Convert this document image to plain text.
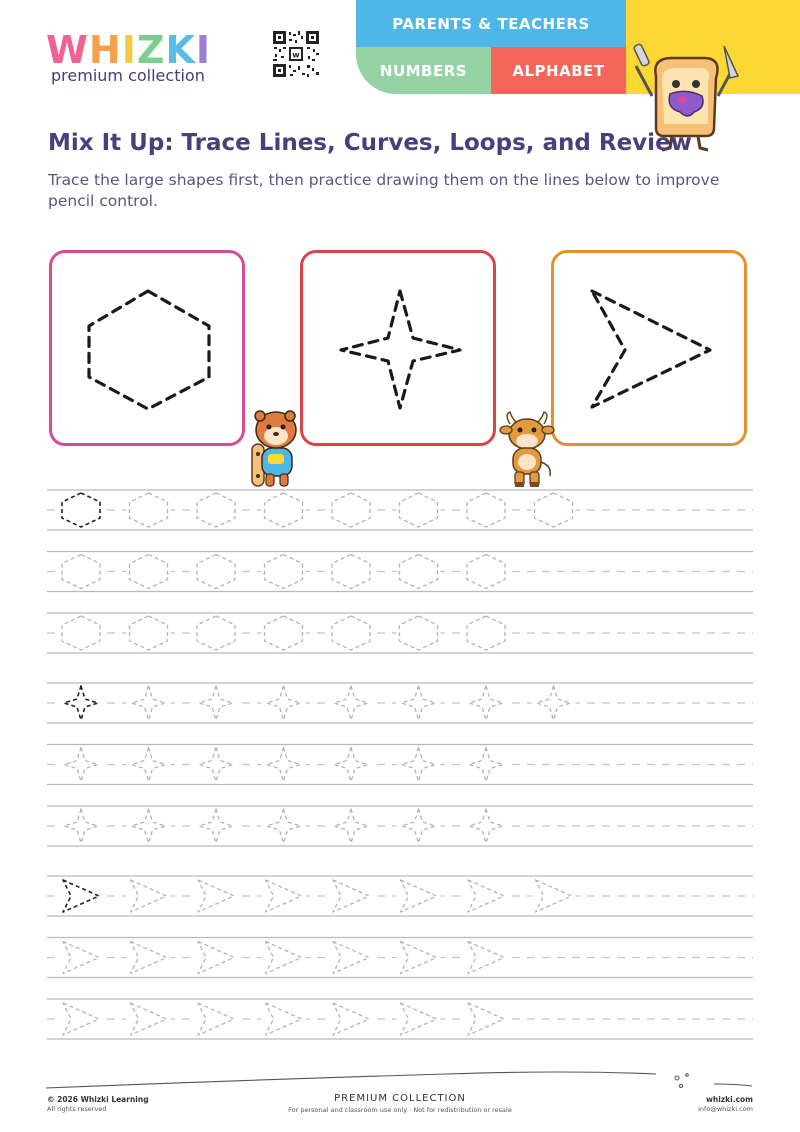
WHIZKI
premium collection
w
PARENTS & TEACHERS
NUMBERS	ALPHABET
Mix It Up: Trace Lines, Curves, Loops, and Review
Trace the large shapes first, then practice drawing them on the lines below to improve pencil control.
© 2026 Whizki Learning
All rights reserved
PREMIUM COLLECTION
For personal and classroom use only · Not for redistribution or resale
whizki.com
info@whizki.com
